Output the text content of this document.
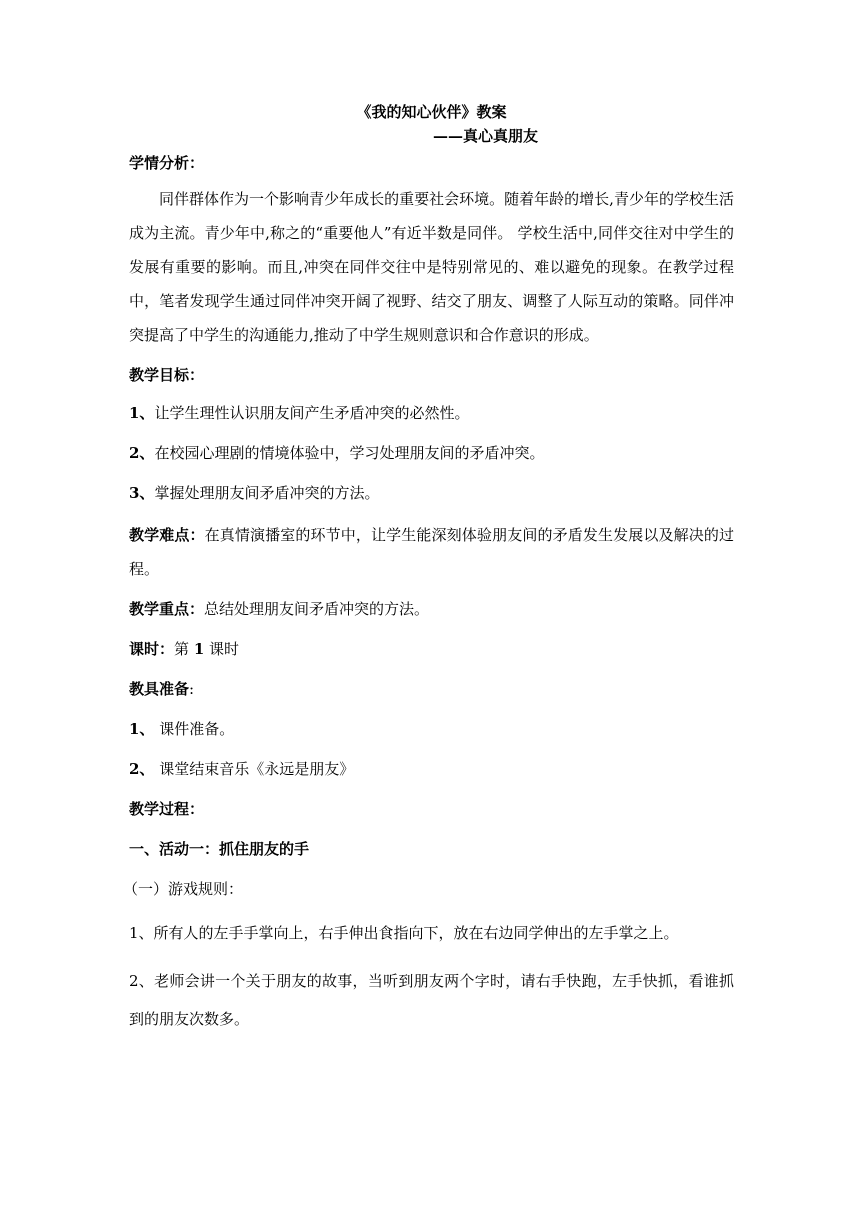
《我的知心伙伴》教案

——真心真朋友

学情分析：

同伴群体作为一个影响青少年成长的重要社会环境。随着年龄的增长,青少年的学校生活成为主流。青少年中,称之的“重要他人”有近半数是同伴。 学校生活中,同伴交往对中学生的发展有重要的影响。而且,冲突在同伴交往中是特别常见的、难以避免的现象。在教学过程中，笔者发现学生通过同伴冲突开阔了视野、结交了朋友、调整了人际互动的策略。同伴冲突提高了中学生的沟通能力,推动了中学生规则意识和合作意识的形成。

教学目标：

1、让学生理性认识朋友间产生矛盾冲突的必然性。

2、在校园心理剧的情境体验中，学习处理朋友间的矛盾冲突。

3、掌握处理朋友间矛盾冲突的方法。

教学难点：在真情演播室的环节中，让学生能深刻体验朋友间的矛盾发生发展以及解决的过程。

教学重点：总结处理朋友间矛盾冲突的方法。

课时：第 1 课时

教具准备:

1、 课件准备。

2、 课堂结束音乐《永远是朋友》

教学过程：

一、活动一：抓住朋友的手

（一）游戏规则：

1、所有人的左手手掌向上，右手伸出食指向下，放在右边同学伸出的左手掌之上。

2、老师会讲一个关于朋友的故事，当听到朋友两个字时，请右手快跑，左手快抓，看谁抓到的朋友次数多。
